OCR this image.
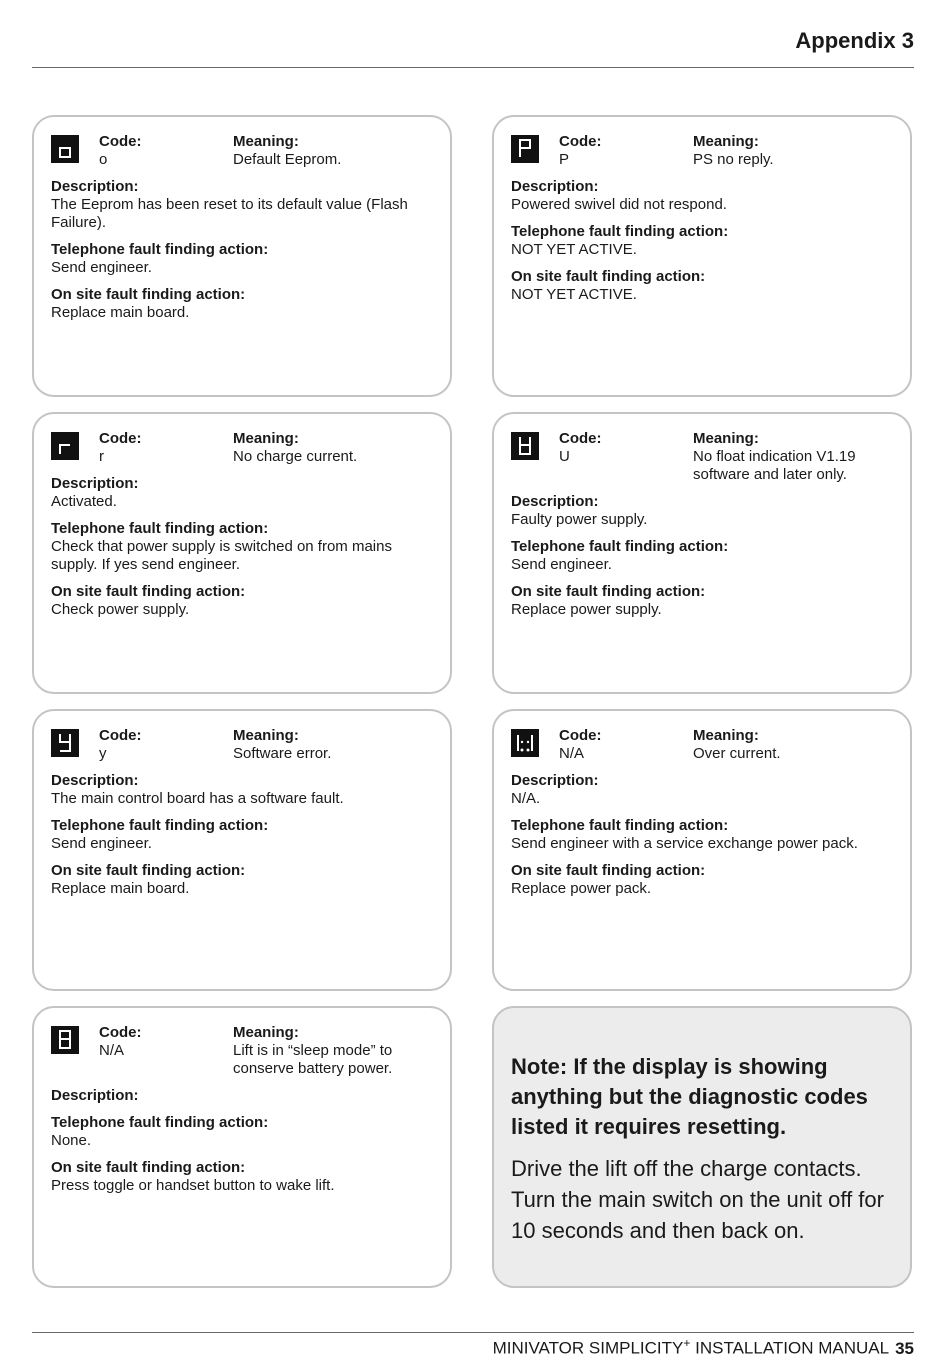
Appendix 3
Code:
o
Meaning:
Default Eeprom.
Description:
The Eeprom has been reset to its default value (Flash Failure).
Telephone fault finding action:
Send engineer.
On site fault finding action:
Replace main board.
Code:
P
Meaning:
PS no reply.
Description:
Powered swivel did not respond.
Telephone fault finding action:
NOT YET ACTIVE.
On site fault finding action:
NOT YET ACTIVE.
Code:
r
Meaning:
No charge current.
Description:
Activated.
Telephone fault finding action:
Check that power supply is switched on from mains supply. If yes send engineer.
On site fault finding action:
Check power supply.
Code:
U
Meaning:
No float indication V1.19 software and later only.
Description:
Faulty power supply.
Telephone fault finding action:
Send engineer.
On site fault finding action:
Replace power supply.
Code:
y
Meaning:
Software error.
Description:
The main control board has a software fault.
Telephone fault finding action:
Send engineer.
On site fault finding action:
Replace main board.
Code:
N/A
Meaning:
Over current.
Description:
N/A.
Telephone fault finding action:
Send engineer with a service exchange power pack.
On site fault finding action:
Replace power pack.
Code:
N/A
Meaning:
Lift is in “sleep mode” to conserve battery power.
Description:
Telephone fault finding action:
None.
On site fault finding action:
Press toggle or handset button to wake lift.
Note: If the display is showing anything but the diagnostic codes listed it requires resetting.
Drive the lift off the charge contacts. Turn the main switch on the unit off for 10 seconds and then back on.
MINIVATOR SIMPLICITY+ INSTALLATION MANUAL 35
